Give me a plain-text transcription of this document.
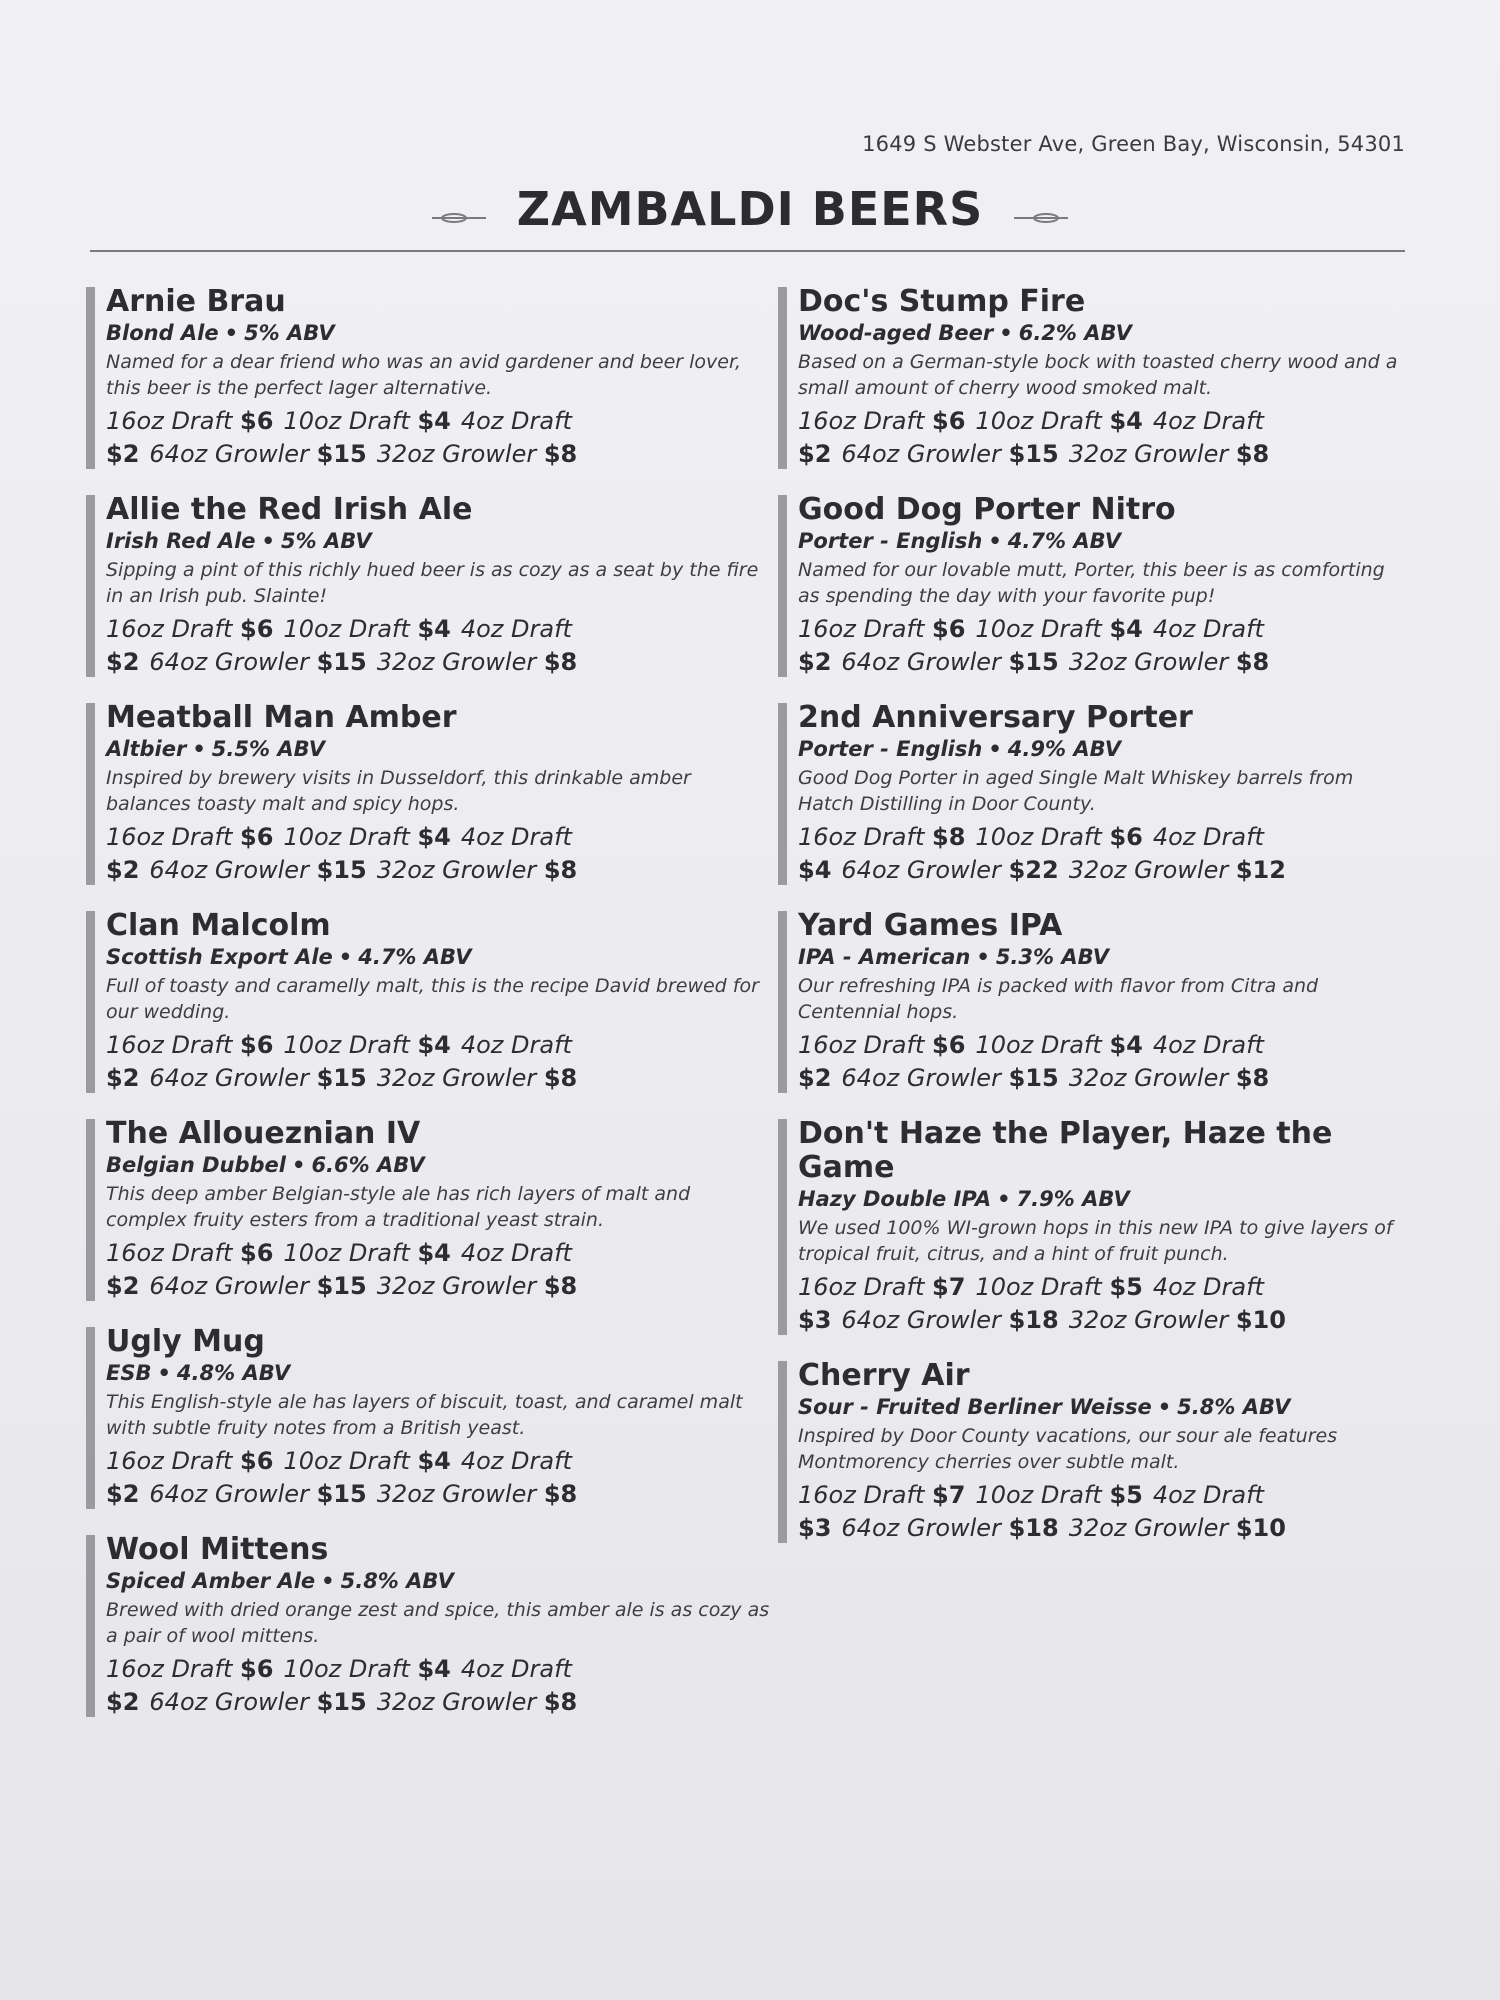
1649 S Webster Ave, Green Bay, Wisconsin, 54301
ZAMBALDI BEERS
Arnie Brau
Blond Ale • 5% ABV
Named for a dear friend who was an avid gardener and beer lover, this beer is the perfect lager alternative.
16oz Draft $6 10oz Draft $4 4oz Draft
$2 64oz Growler $15 32oz Growler $8
Allie the Red Irish Ale
Irish Red Ale • 5% ABV
Sipping a pint of this richly hued beer is as cozy as a seat by the fire in an Irish pub. Slainte!
16oz Draft $6 10oz Draft $4 4oz Draft
$2 64oz Growler $15 32oz Growler $8
Meatball Man Amber
Altbier • 5.5% ABV
Inspired by brewery visits in Dusseldorf, this drinkable amber balances toasty malt and spicy hops.
16oz Draft $6 10oz Draft $4 4oz Draft
$2 64oz Growler $15 32oz Growler $8
Clan Malcolm
Scottish Export Ale • 4.7% ABV
Full of toasty and caramelly malt, this is the recipe David brewed for our wedding.
16oz Draft $6 10oz Draft $4 4oz Draft
$2 64oz Growler $15 32oz Growler $8
The Alloueznian IV
Belgian Dubbel • 6.6% ABV
This deep amber Belgian-style ale has rich layers of malt and complex fruity esters from a traditional yeast strain.
16oz Draft $6 10oz Draft $4 4oz Draft
$2 64oz Growler $15 32oz Growler $8
Ugly Mug
ESB • 4.8% ABV
This English-style ale has layers of biscuit, toast, and caramel malt with subtle fruity notes from a British yeast.
16oz Draft $6 10oz Draft $4 4oz Draft
$2 64oz Growler $15 32oz Growler $8
Wool Mittens
Spiced Amber Ale • 5.8% ABV
Brewed with dried orange zest and spice, this amber ale is as cozy as a pair of wool mittens.
16oz Draft $6 10oz Draft $4 4oz Draft
$2 64oz Growler $15 32oz Growler $8
Doc's Stump Fire
Wood-aged Beer • 6.2% ABV
Based on a German-style bock with toasted cherry wood and a small amount of cherry wood smoked malt.
16oz Draft $6 10oz Draft $4 4oz Draft
$2 64oz Growler $15 32oz Growler $8
Good Dog Porter Nitro
Porter - English • 4.7% ABV
Named for our lovable mutt, Porter, this beer is as comforting as spending the day with your favorite pup!
16oz Draft $6 10oz Draft $4 4oz Draft
$2 64oz Growler $15 32oz Growler $8
2nd Anniversary Porter
Porter - English • 4.9% ABV
Good Dog Porter in aged Single Malt Whiskey barrels from Hatch Distilling in Door County.
16oz Draft $8 10oz Draft $6 4oz Draft
$4 64oz Growler $22 32oz Growler $12
Yard Games IPA
IPA - American • 5.3% ABV
Our refreshing IPA is packed with flavor from Citra and Centennial hops.
16oz Draft $6 10oz Draft $4 4oz Draft
$2 64oz Growler $15 32oz Growler $8
Don't Haze the Player, Haze the Game
Hazy Double IPA • 7.9% ABV
We used 100% WI-grown hops in this new IPA to give layers of tropical fruit, citrus, and a hint of fruit punch.
16oz Draft $7 10oz Draft $5 4oz Draft
$3 64oz Growler $18 32oz Growler $10
Cherry Air
Sour - Fruited Berliner Weisse • 5.8% ABV
Inspired by Door County vacations, our sour ale features Montmorency cherries over subtle malt.
16oz Draft $7 10oz Draft $5 4oz Draft
$3 64oz Growler $18 32oz Growler $10
